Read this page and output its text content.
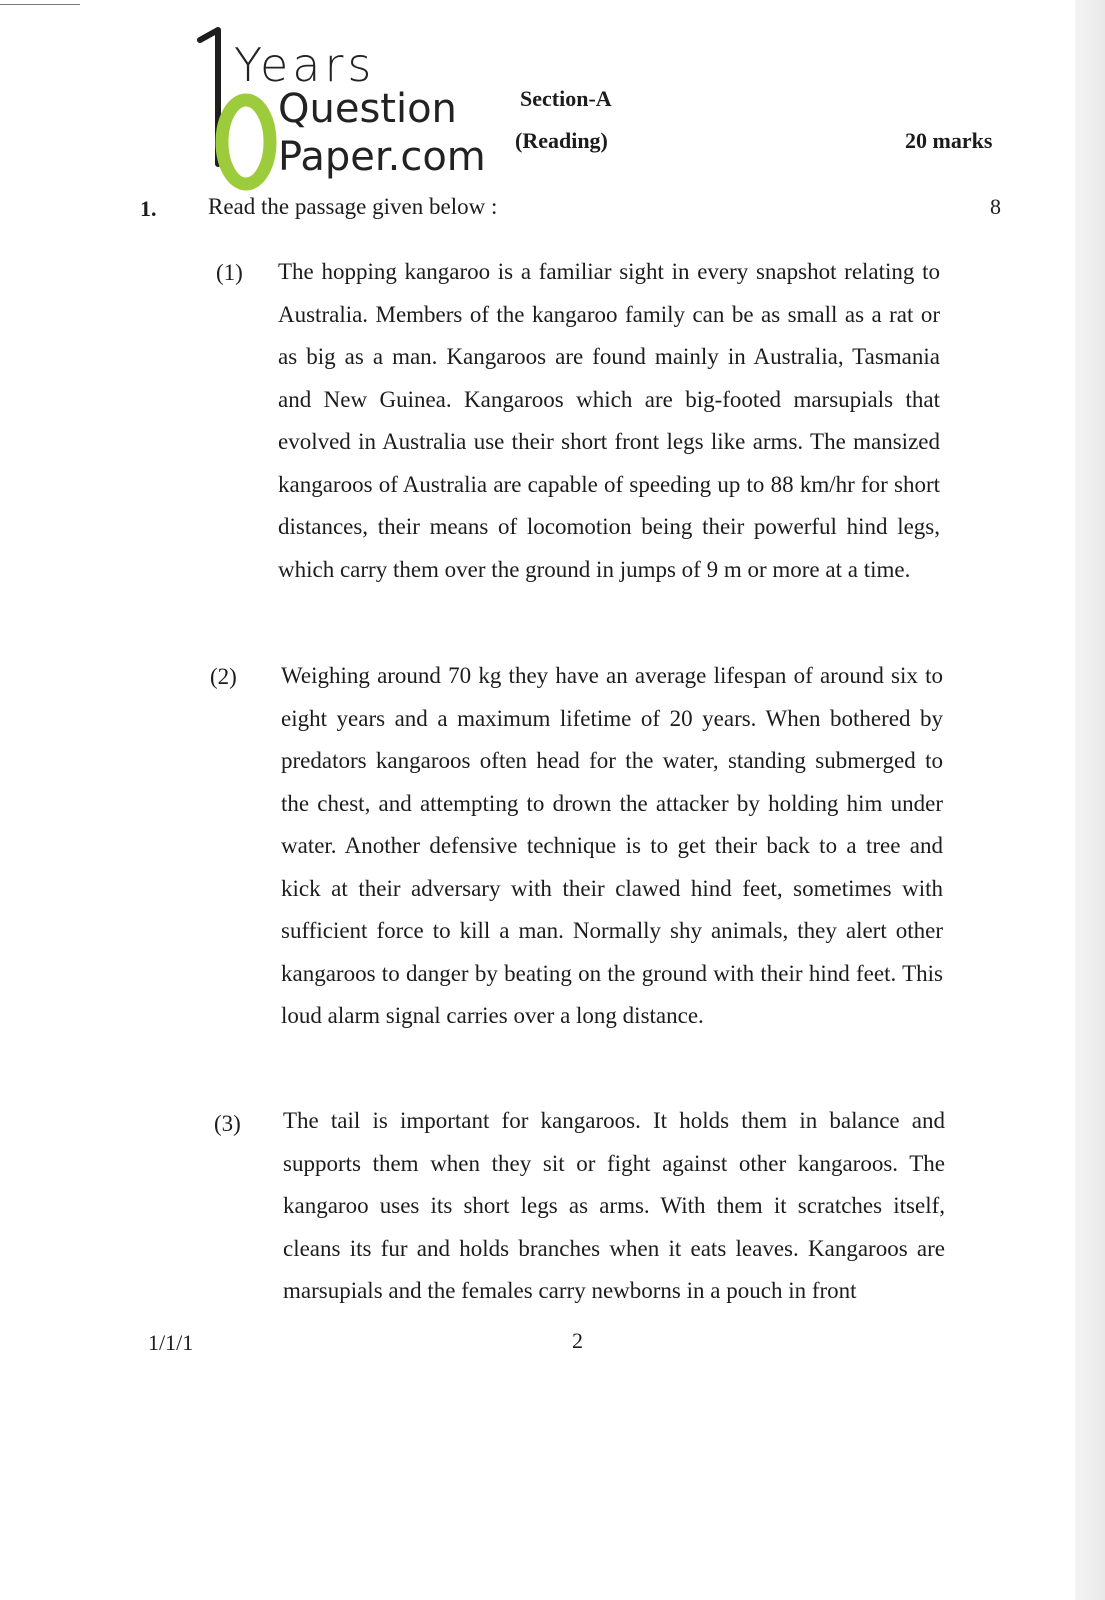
Years
Question
Paper.com
Section-A
(Reading)	20 marks
1. Read the passage given below :	8
(1) The hopping kangaroo is a familiar sight in every snapshot relating to Australia. Members of the kangaroo family can be as small as a rat or as big as a man. Kangaroos are found mainly in Australia, Tasmania and New Guinea. Kangaroos which are big-footed marsupials that evolved in Australia use their short front legs like arms. The mansized kangaroos of Australia are capable of speeding up to 88 km/hr for short distances, their means of locomotion being their powerful hind legs, which carry them over the ground in jumps of 9 m or more at a time.

(2) Weighing around 70 kg they have an average lifespan of around six to eight years and a maximum lifetime of 20 years. When bothered by predators kangaroos often head for the water, standing submerged to the chest, and attempting to drown the attacker by holding him under water. Another defensive technique is to get their back to a tree and kick at their adversary with their clawed hind feet, sometimes with sufficient force to kill a man. Normally shy animals, they alert other kangaroos to danger by beating on the ground with their hind feet. This loud alarm signal carries over a long distance.

(3) The tail is important for kangaroos. It holds them in balance and supports them when they sit or fight against other kangaroos. The kangaroo uses its short legs as arms. With them it scratches itself, cleans its fur and holds branches when it eats leaves. Kangaroos are marsupials and the females carry newborns in a pouch in front

1/1/1	2
